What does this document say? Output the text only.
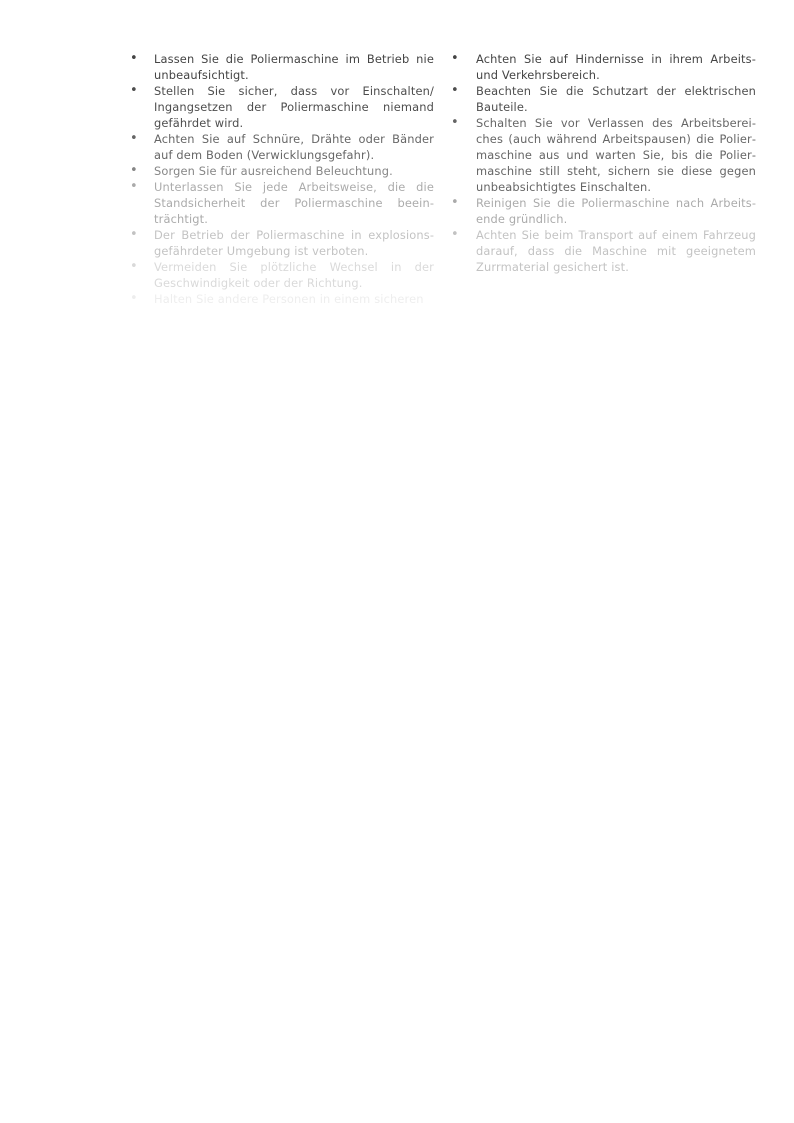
• Lassen Sie die Poliermaschine im Betrieb nie unbeaufsichtigt.
• Stellen Sie sicher, dass vor Einschalten/ Ingangsetzen der Poliermaschine niemand gefährdet wird.
• Achten Sie auf Schnüre, Drähte oder Bänder auf dem Boden (Verwicklungsgefahr).
• Sorgen Sie für ausreichend Beleuchtung.
• Unterlassen Sie jede Arbeitsweise, die die Standsicherheit der Poliermaschine beeinträchtigt.
• Der Betrieb der Poliermaschine in explosionsgefährdeter Umgebung ist verboten.
• Vermeiden Sie plötzliche Wechsel in der Geschwindigkeit oder der Richtung.
• Halten Sie andere Personen in einem sicheren
• Achten Sie auf Hindernisse in ihrem Arbeits- und Verkehrsbereich.
• Beachten Sie die Schutzart der elektrischen Bauteile.
• Schalten Sie vor Verlassen des Arbeitsbereiches (auch während Arbeitspausen) die Poliermaschine aus und warten Sie, bis die Poliermaschine still steht, sichern sie diese gegen unbeabsichtigtes Einschalten.
• Reinigen Sie die Poliermaschine nach Arbeitsende gründlich.
• Achten Sie beim Transport auf einem Fahrzeug darauf, dass die Maschine mit geeignetem Zurrmaterial gesichert ist.
